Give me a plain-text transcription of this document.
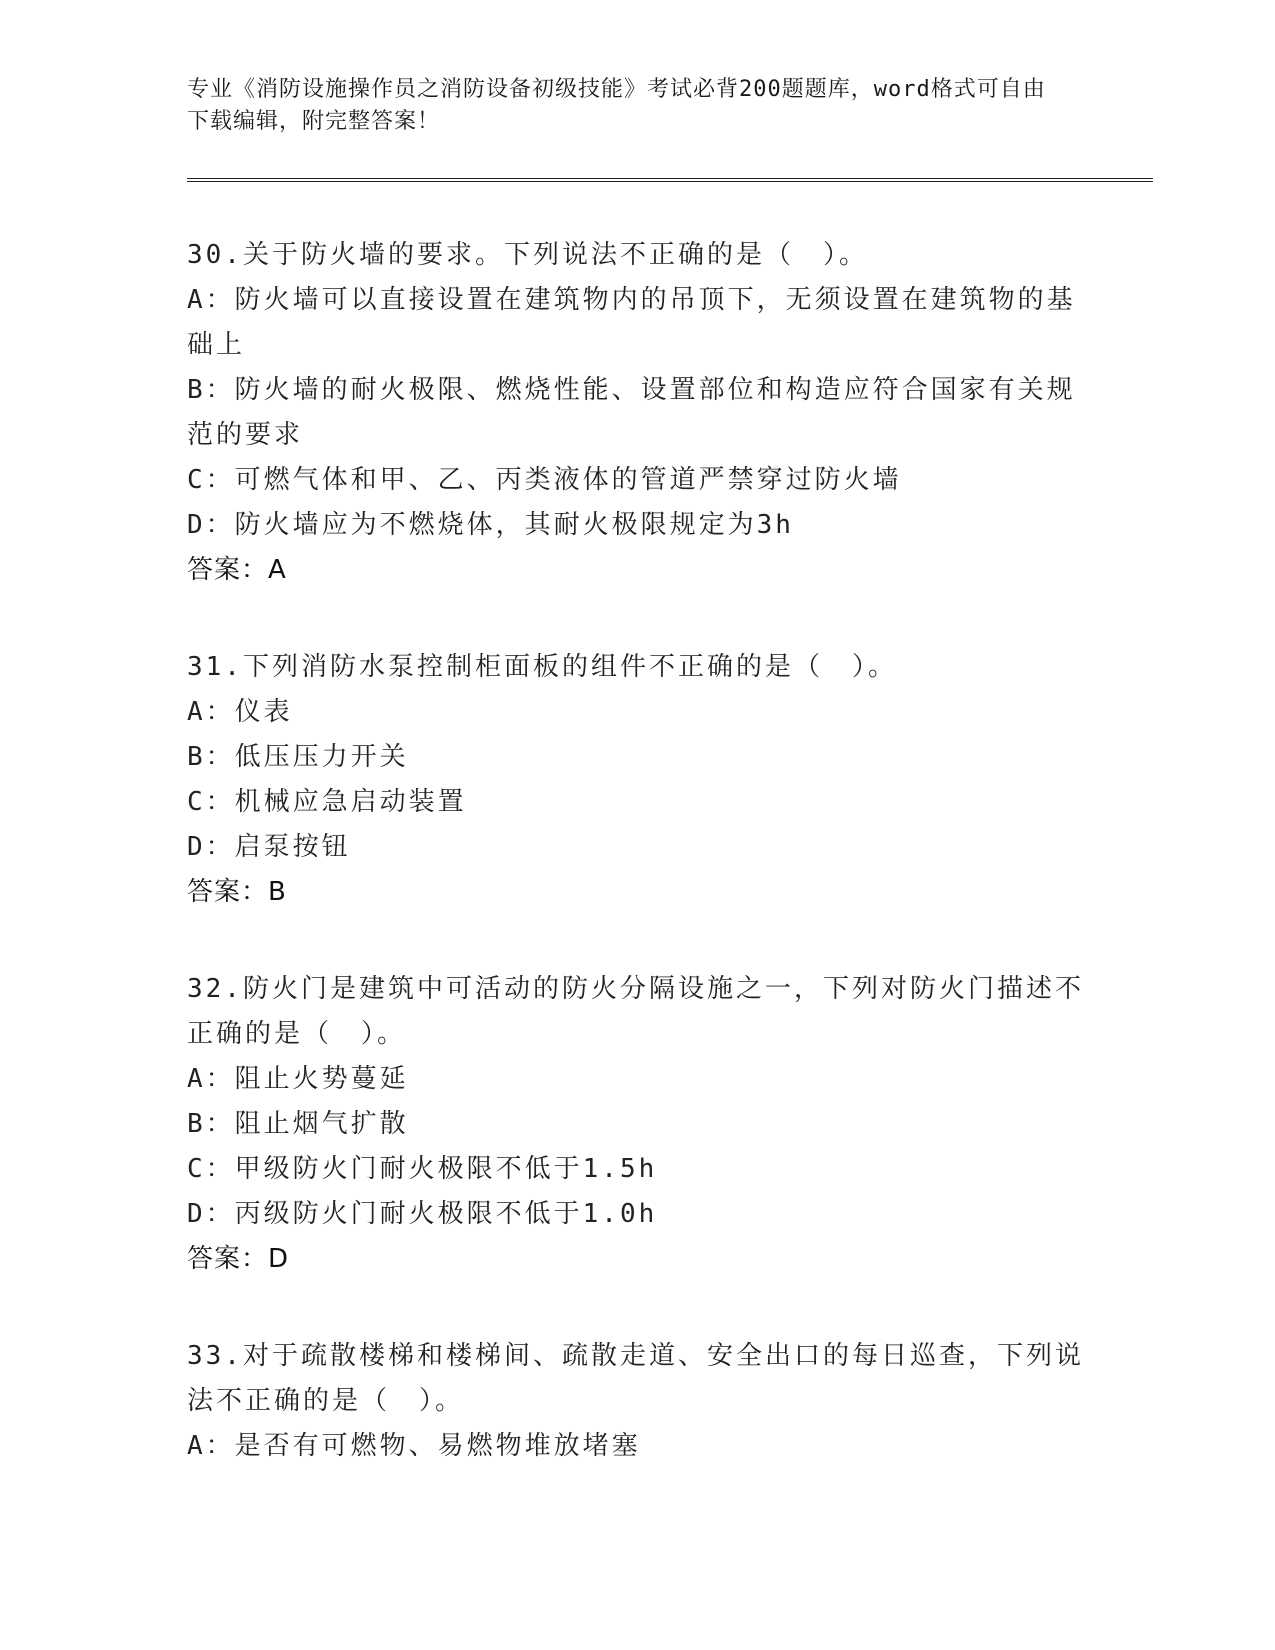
专业《消防设施操作员之消防设备初级技能》考试必背200题题库，word格式可自由下载编辑，附完整答案！
30.关于防火墙的要求。下列说法不正确的是（　）。
A：防火墙可以直接设置在建筑物内的吊顶下，无须设置在建筑物的基础上
B：防火墙的耐火极限、燃烧性能、设置部位和构造应符合国家有关规范的要求
C：可燃气体和甲、乙、丙类液体的管道严禁穿过防火墙
D：防火墙应为不燃烧体，其耐火极限规定为3h
答案：A
31.下列消防水泵控制柜面板的组件不正确的是（　）。
A：仪表
B：低压压力开关
C：机械应急启动装置
D：启泵按钮
答案：B
32.防火门是建筑中可活动的防火分隔设施之一，下列对防火门描述不正确的是（　）。
A：阻止火势蔓延
B：阻止烟气扩散
C：甲级防火门耐火极限不低于1.5h
D：丙级防火门耐火极限不低于1.0h
答案：D
33.对于疏散楼梯和楼梯间、疏散走道、安全出口的每日巡查，下列说法不正确的是（　）。
A：是否有可燃物、易燃物堆放堵塞
